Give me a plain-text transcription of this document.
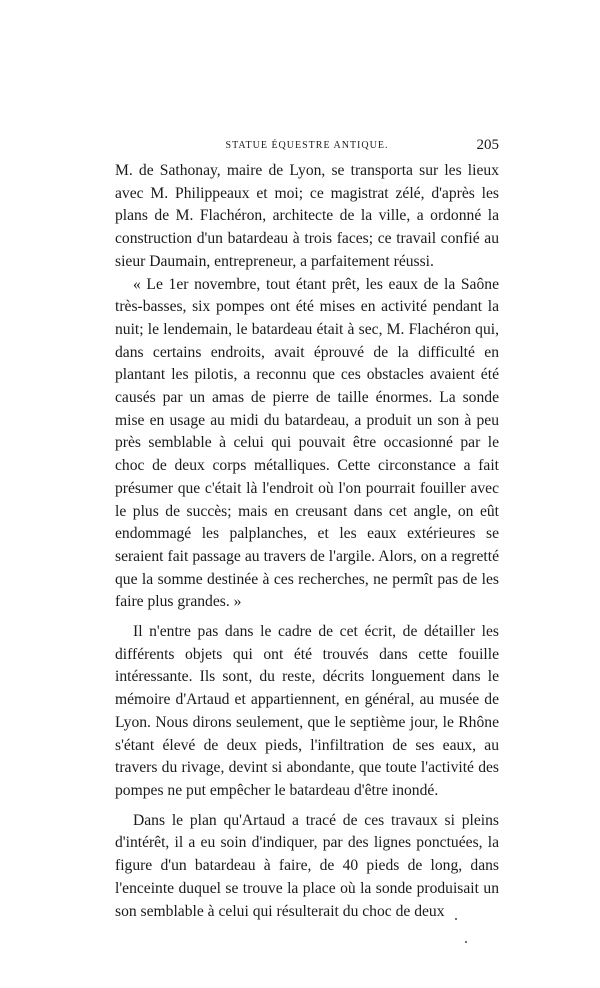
STATUE ÉQUESTRE ANTIQUE.	205

M. de Sathonay, maire de Lyon, se transporta sur les lieux avec M. Philippeaux et moi; ce magistrat zélé, d'après les plans de M. Flachéron, architecte de la ville, a ordonné la construction d'un batardeau à trois faces; ce travail confié au sieur Daumain, entrepreneur, a parfaitement réussi.

« Le 1er novembre, tout étant prêt, les eaux de la Saône très-basses, six pompes ont été mises en activité pendant la nuit; le lendemain, le batardeau était à sec, M. Flachéron qui, dans certains endroits, avait éprouvé de la difficulté en plantant les pilotis, a reconnu que ces obstacles avaient été causés par un amas de pierre de taille énormes. La sonde mise en usage au midi du batardeau, a produit un son à peu près semblable à celui qui pouvait être occasionné par le choc de deux corps métalliques. Cette circonstance a fait présumer que c'était là l'endroit où l'on pourrait fouiller avec le plus de succès; mais en creusant dans cet angle, on eût endommagé les palplanches, et les eaux extérieures se seraient fait passage au travers de l'argile. Alors, on a regretté que la somme destinée à ces recherches, ne permît pas de les faire plus grandes. »

Il n'entre pas dans le cadre de cet écrit, de détailler les différents objets qui ont été trouvés dans cette fouille intéressante. Ils sont, du reste, décrits longuement dans le mémoire d'Artaud et appartiennent, en général, au musée de Lyon. Nous dirons seulement, que le septième jour, le Rhône s'étant élevé de deux pieds, l'infiltration de ses eaux, au travers du rivage, devint si abondante, que toute l'activité des pompes ne put empêcher le batardeau d'être inondé.

Dans le plan qu'Artaud a tracé de ces travaux si pleins d'intérêt, il a eu soin d'indiquer, par des lignes ponctuées, la figure d'un batardeau à faire, de 40 pieds de long, dans l'enceinte duquel se trouve la place où la sonde produisait un son semblable à celui qui résulterait du choc de deux
